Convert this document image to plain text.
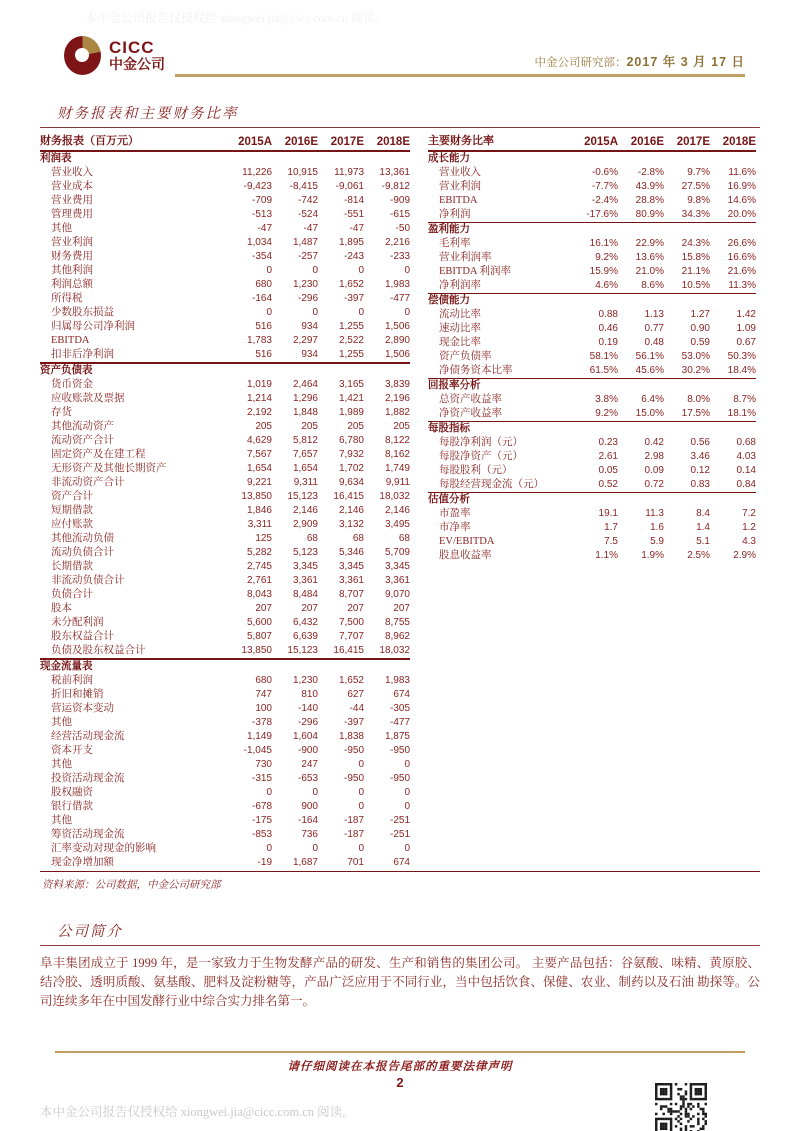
本中金公司报告仅授权给 xiongwei.jia@cicc.com.cn 阅读。
CICC
中金公司	中金公司研究部：2017 年 3 月 17 日
财务报表和主要财务比率
财务报表（百万元）	2015A	2016E	2017E	2018E
利润表
营业收入	11,226	10,915	11,973	13,361
营业成本	-9,423	-8,415	-9,061	-9,812
营业费用	-709	-742	-814	-909
管理费用	-513	-524	-551	-615
其他	-47	-47	-47	-50
营业利润	1,034	1,487	1,895	2,216
财务费用	-354	-257	-243	-233
其他利润	0	0	0	0
利润总额	680	1,230	1,652	1,983
所得税	-164	-296	-397	-477
少数股东损益	0	0	0	0
归属母公司净利润	516	934	1,255	1,506
EBITDA	1,783	2,297	2,522	2,890
扣非后净利润	516	934	1,255	1,506
资产负债表
货币资金	1,019	2,464	3,165	3,839
应收账款及票据	1,214	1,296	1,421	2,196
存货	2,192	1,848	1,989	1,882
其他流动资产	205	205	205	205
流动资产合计	4,629	5,812	6,780	8,122
固定资产及在建工程	7,567	7,657	7,932	8,162
无形资产及其他长期资产	1,654	1,654	1,702	1,749
非流动资产合计	9,221	9,311	9,634	9,911
资产合计	13,850	15,123	16,415	18,032
短期借款	1,846	2,146	2,146	2,146
应付账款	3,311	2,909	3,132	3,495
其他流动负债	125	68	68	68
流动负债合计	5,282	5,123	5,346	5,709
长期借款	2,745	3,345	3,345	3,345
非流动负债合计	2,761	3,361	3,361	3,361
负债合计	8,043	8,484	8,707	9,070
股本	207	207	207	207
未分配利润	5,600	6,432	7,500	8,755
股东权益合计	5,807	6,639	7,707	8,962
负债及股东权益合计	13,850	15,123	16,415	18,032
现金流量表
税前利润	680	1,230	1,652	1,983
折旧和摊销	747	810	627	674
营运资本变动	100	-140	-44	-305
其他	-378	-296	-397	-477
经营活动现金流	1,149	1,604	1,838	1,875
资本开支	-1,045	-900	-950	-950
其他	730	247	0	0
投资活动现金流	-315	-653	-950	-950
股权融资	0	0	0	0
银行借款	-678	900	0	0
其他	-175	-164	-187	-251
筹资活动现金流	-853	736	-187	-251
汇率变动对现金的影响	0	0	0	0
现金净增加额	-19	1,687	701	674
主要财务比率	2015A	2016E	2017E	2018E
成长能力
营业收入	-0.6%	-2.8%	9.7%	11.6%
营业利润	-7.7%	43.9%	27.5%	16.9%
EBITDA	-2.4%	28.8%	9.8%	14.6%
净利润	-17.6%	80.9%	34.3%	20.0%
盈利能力
毛利率	16.1%	22.9%	24.3%	26.6%
营业利润率	9.2%	13.6%	15.8%	16.6%
EBITDA 利润率	15.9%	21.0%	21.1%	21.6%
净利润率	4.6%	8.6%	10.5%	11.3%
偿债能力
流动比率	0.88	1.13	1.27	1.42
速动比率	0.46	0.77	0.90	1.09
现金比率	0.19	0.48	0.59	0.67
资产负债率	58.1%	56.1%	53.0%	50.3%
净债务资本比率	61.5%	45.6%	30.2%	18.4%
回报率分析
总资产收益率	3.8%	6.4%	8.0%	8.7%
净资产收益率	9.2%	15.0%	17.5%	18.1%
每股指标
每股净利润（元）	0.23	0.42	0.56	0.68
每股净资产（元）	2.61	2.98	3.46	4.03
每股股利（元）	0.05	0.09	0.12	0.14
每股经营现金流（元）	0.52	0.72	0.83	0.84
估值分析
市盈率	19.1	11.3	8.4	7.2
市净率	1.7	1.6	1.4	1.2
EV/EBITDA	7.5	5.9	5.1	4.3
股息收益率	1.1%	1.9%	2.5%	2.9%
资料来源：公司数据，中金公司研究部
公司简介
阜丰集团成立于 1999 年，是一家致力于生物发酵产品的研发、生产和销售的集团公司。 主要产品包括：谷氨酸、味精、黄原胶、结冷胶、透明质酸、氨基酸、肥料及淀粉糖等，产品广泛应用于不同行业，当中包括饮食、保健、农业、制药以及石油 勘探等。公司连续多年在中国发酵行业中综合实力排名第一。
请仔细阅读在本报告尾部的重要法律声明
2
本中金公司报告仅授权给 xiongwei.jia@cicc.com.cn 阅读。
